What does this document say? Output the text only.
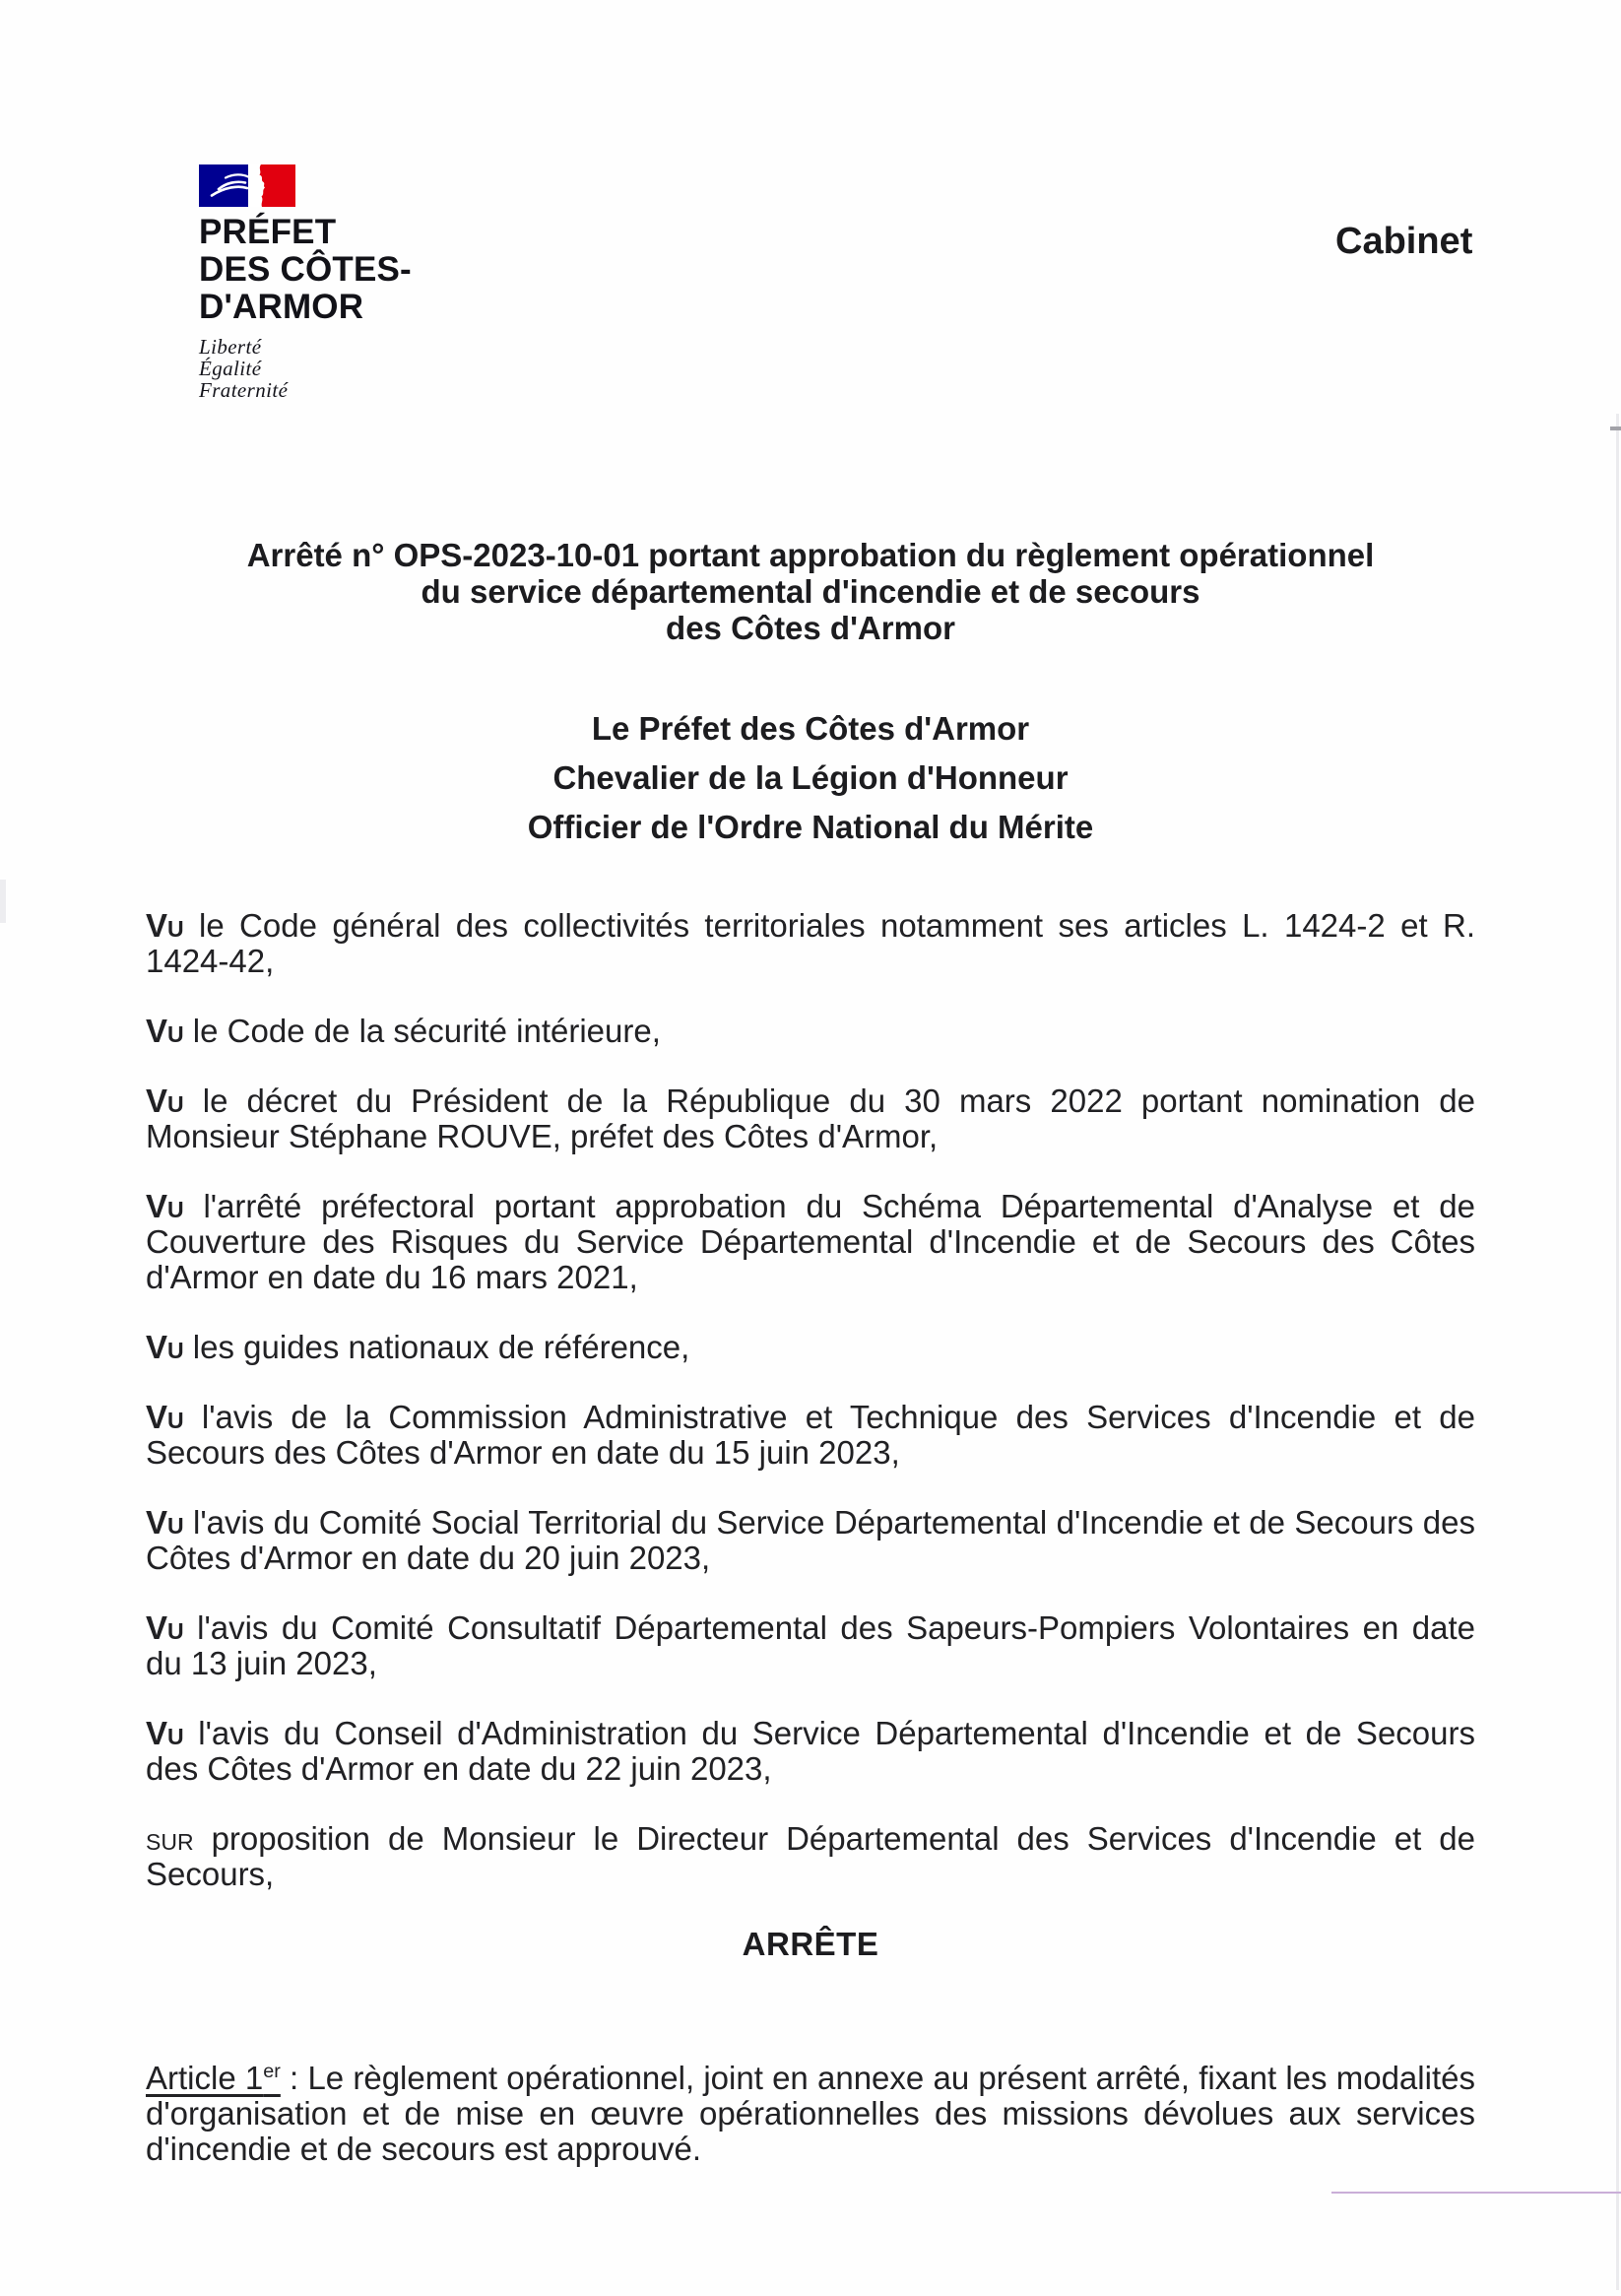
PRÉFET
DES CÔTES-
D'ARMOR
Liberté
Égalité
Fraternité
Cabinet
Arrêté n° OPS-2023-10-01 portant approbation du règlement opérationnel
du service départemental d'incendie et de secours
des Côtes d'Armor
Le Préfet des Côtes d'Armor
Chevalier de la Légion d'Honneur
Officier de l'Ordre National du Mérite

Vu le Code général des collectivités territoriales notamment ses articles L. 1424-2 et R. 1424-42,

Vu le Code de la sécurité intérieure,

Vu le décret du Président de la République du 30 mars 2022 portant nomination de Monsieur Stéphane ROUVE, préfet des Côtes d'Armor,

Vu l'arrêté préfectoral portant approbation du Schéma Départemental d'Analyse et de Couverture des Risques du Service Départemental d'Incendie et de Secours des Côtes d'Armor en date du 16 mars 2021,

Vu les guides nationaux de référence,

Vu l'avis de la Commission Administrative et Technique des Services d'Incendie et de Secours des Côtes d'Armor en date du 15 juin 2023,

Vu l'avis du Comité Social Territorial du Service Départemental d'Incendie et de Secours des Côtes d'Armor en date du 20 juin 2023,

Vu l'avis du Comité Consultatif Départemental des Sapeurs-Pompiers Volontaires en date du 13 juin 2023,

Vu l'avis du Conseil d'Administration du Service Départemental d'Incendie et de Secours des Côtes d'Armor en date du 22 juin 2023,

sur proposition de Monsieur le Directeur Départemental des Services d'Incendie et de Secours,

ARRÊTE

Article 1er : Le règlement opérationnel, joint en annexe au présent arrêté, fixant les modalités d'organisation et de mise en œuvre opérationnelles des missions dévolues aux services d'incendie et de secours est approuvé.
